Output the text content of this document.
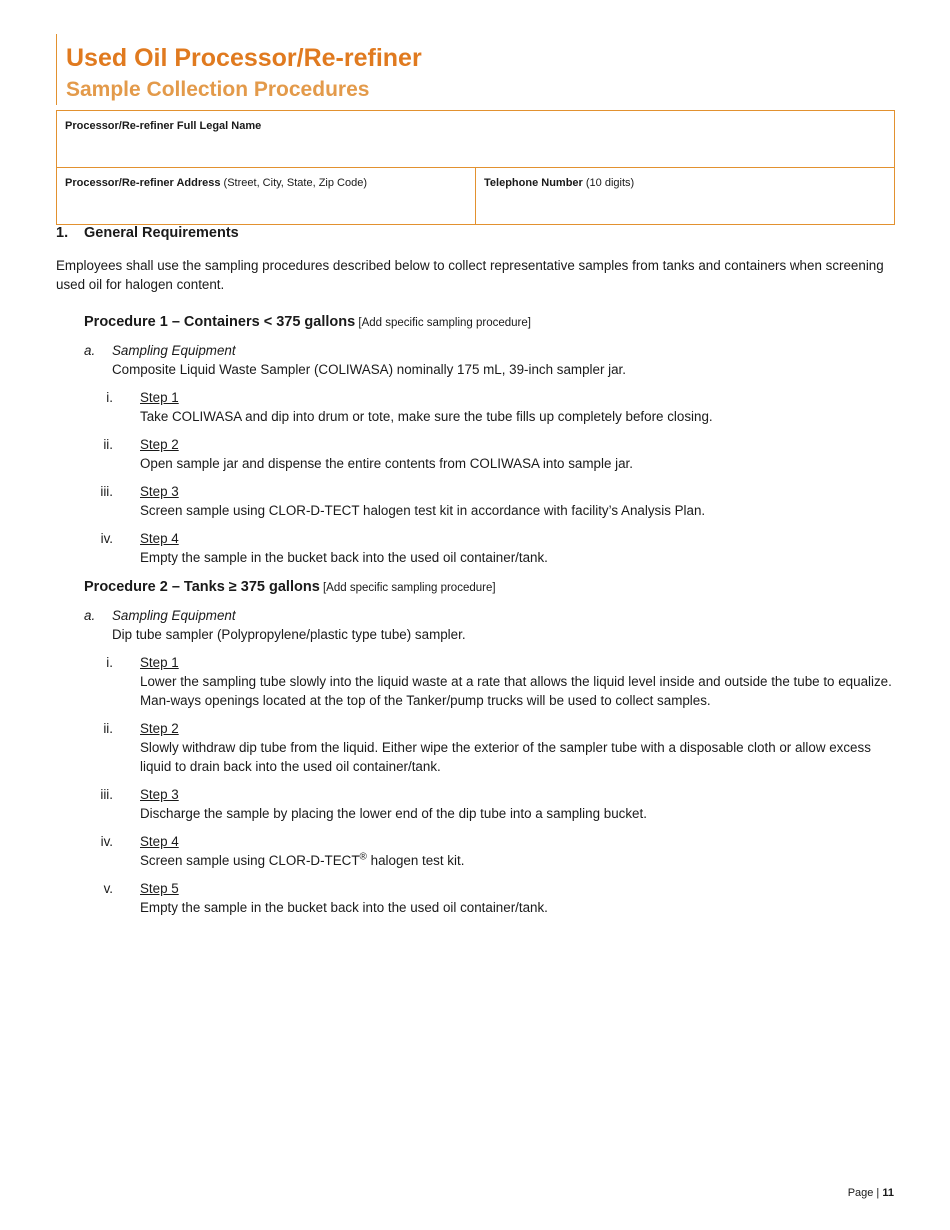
Used Oil Processor/Re-refiner
Sample Collection Procedures
Processor/Re-refiner Full Legal Name
Processor/Re-refiner Address (Street, City, State, Zip Code)	Telephone Number (10 digits)
1.	General Requirements

Employees shall use the sampling procedures described below to collect representative samples from tanks and containers when screening used oil for halogen content.

Procedure 1 – Containers < 375 gallons [Add specific sampling procedure]
a.	Sampling Equipment
Composite Liquid Waste Sampler (COLIWASA) nominally 175 mL, 39-inch sampler jar.
i.	Step 1
Take COLIWASA and dip into drum or tote, make sure the tube fills up completely before closing.
ii.	Step 2
Open sample jar and dispense the entire contents from COLIWASA into sample jar.
iii.	Step 3
Screen sample using CLOR-D-TECT halogen test kit in accordance with facility’s Analysis Plan.
iv.	Step 4
Empty the sample in the bucket back into the used oil container/tank.
Procedure 2 – Tanks ≥ 375 gallons [Add specific sampling procedure]
a.	Sampling Equipment
Dip tube sampler (Polypropylene/plastic type tube) sampler.
i.	Step 1
Lower the sampling tube slowly into the liquid waste at a rate that allows the liquid level inside and outside the tube to equalize. Man-ways openings located at the top of the Tanker/pump trucks will be used to collect samples.
ii.	Step 2
Slowly withdraw dip tube from the liquid. Either wipe the exterior of the sampler tube with a disposable cloth or allow excess liquid to drain back into the used oil container/tank.
iii.	Step 3
Discharge the sample by placing the lower end of the dip tube into a sampling bucket.
iv.	Step 4
Screen sample using CLOR-D-TECT® halogen test kit.
v.	Step 5
Empty the sample in the bucket back into the used oil container/tank.
Page | 11
